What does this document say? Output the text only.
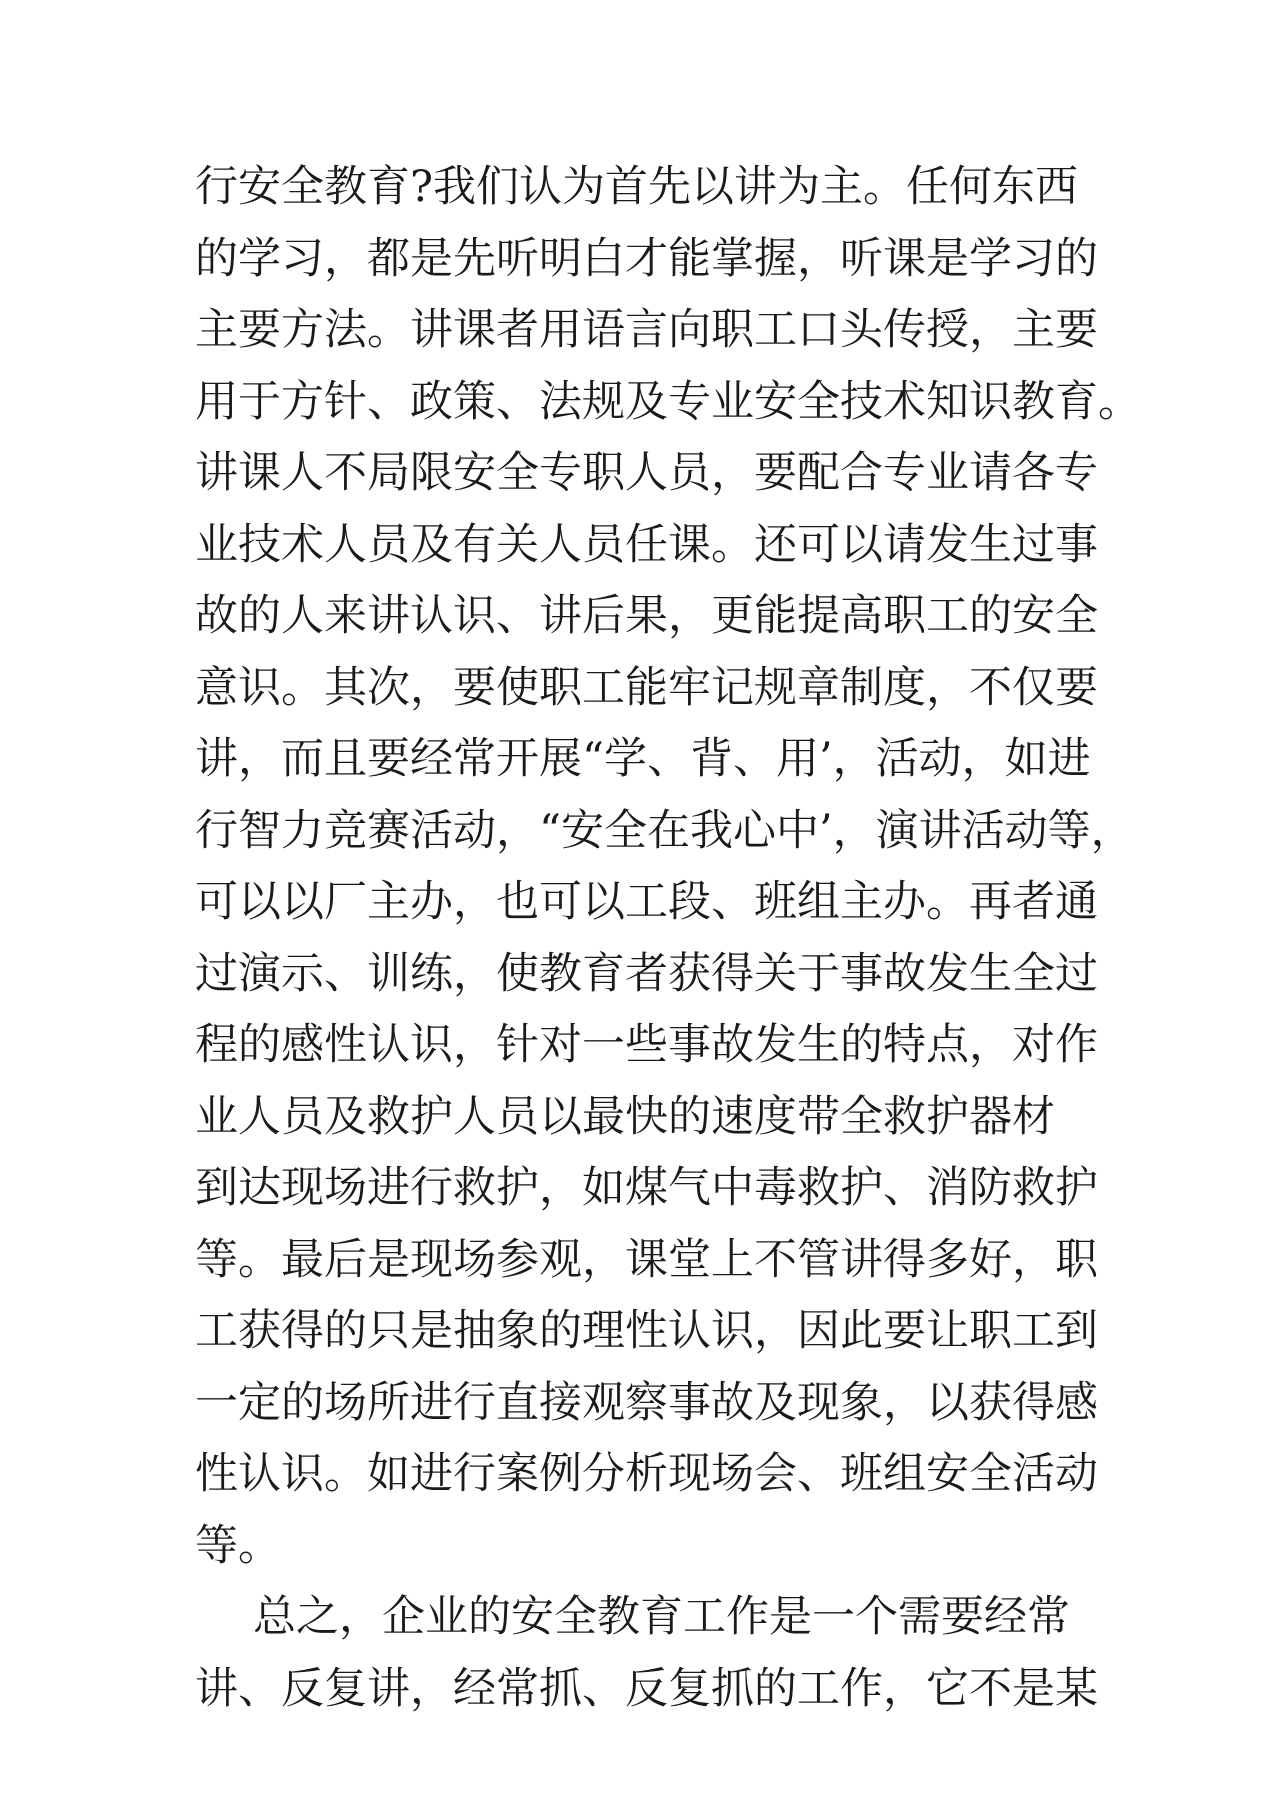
行安全教育?我们认为首先以讲为主。任何东西
的学习，都是先听明白才能掌握，听课是学习的
主要方法。讲课者用语言向职工口头传授，主要
用于方针、政策、法规及专业安全技术知识教育。
讲课人不局限安全专职人员，要配合专业请各专
业技术人员及有关人员任课。还可以请发生过事
故的人来讲认识、讲后果，更能提高职工的安全
意识。其次，要使职工能牢记规章制度，不仅要
讲，而且要经常开展“学、背、用’，活动，如进
行智力竞赛活动，“安全在我心中’，演讲活动等，
可以以厂主办，也可以工段、班组主办。再者通
过演示、训练，使教育者获得关于事故发生全过
程的感性认识，针对一些事故发生的特点，对作
业人员及救护人员以最快的速度带全救护器材
到达现场进行救护，如煤气中毒救护、消防救护
等。最后是现场参观，课堂上不管讲得多好，职
工获得的只是抽象的理性认识，因此要让职工到
一定的场所进行直接观察事故及现象，以获得感
性认识。如进行案例分析现场会、班组安全活动
等。
总之，企业的安全教育工作是一个需要经常
讲、反复讲，经常抓、反复抓的工作，它不是某
